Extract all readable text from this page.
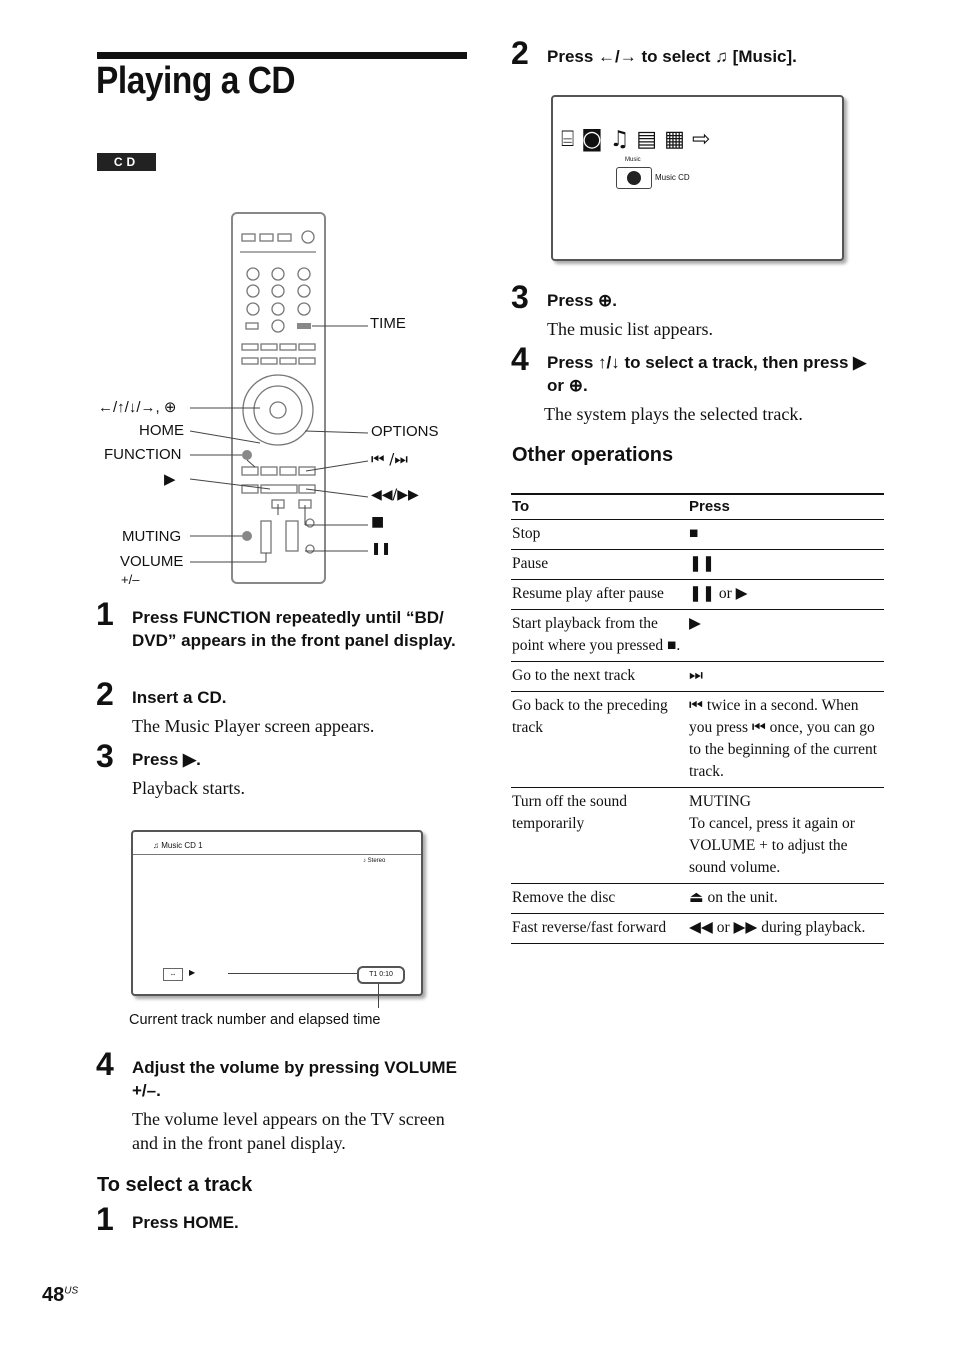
Playing a CD
CD
TIME
←/↑/↓/→, ⊕
HOME	OPTIONS
FUNCTION	⏮ /⏭
▶
◀◀/▶▶
MUTING
■
VOLUME
+/–
❚❚
1 Press FUNCTION repeatedly until “BD/ DVD” appears in the front panel display.
2 Insert a CD.
The Music Player screen appears.
3 Press ▶.
Playback starts.
♫ Music CD 1
♪ Stereo
⇔	▶	T1 0:10
Current track number and elapsed time
4 Adjust the volume by pressing VOLUME +/–.
The volume level appears on the TV screen and in the front panel display.
To select a track
1 Press HOME.
2 Press ←/→ to select ♫ [Music].
⌸ ◙ ♫ ▤ ▦ ⇨
Music
Music CD
3 Press ⊕.
The music list appears.
4 Press ↑/↓ to select a track, then press ▶ or ⊕.
The system plays the selected track.
Other operations
To	Press
Stop	■
Pause	❚❚
Resume play after pause	❚❚ or ▶
Start playback from the point where you pressed ■.	▶
Go to the next track	⏭
Go back to the preceding track	⏮ twice in a second. When you press ⏮ once, you can go to the beginning of the current track.
Turn off the sound temporarily	MUTING
To cancel, press it again or VOLUME + to adjust the sound volume.
Remove the disc	⏏ on the unit.
Fast reverse/fast forward	◀◀ or ▶▶ during playback.
$48^{US}$
